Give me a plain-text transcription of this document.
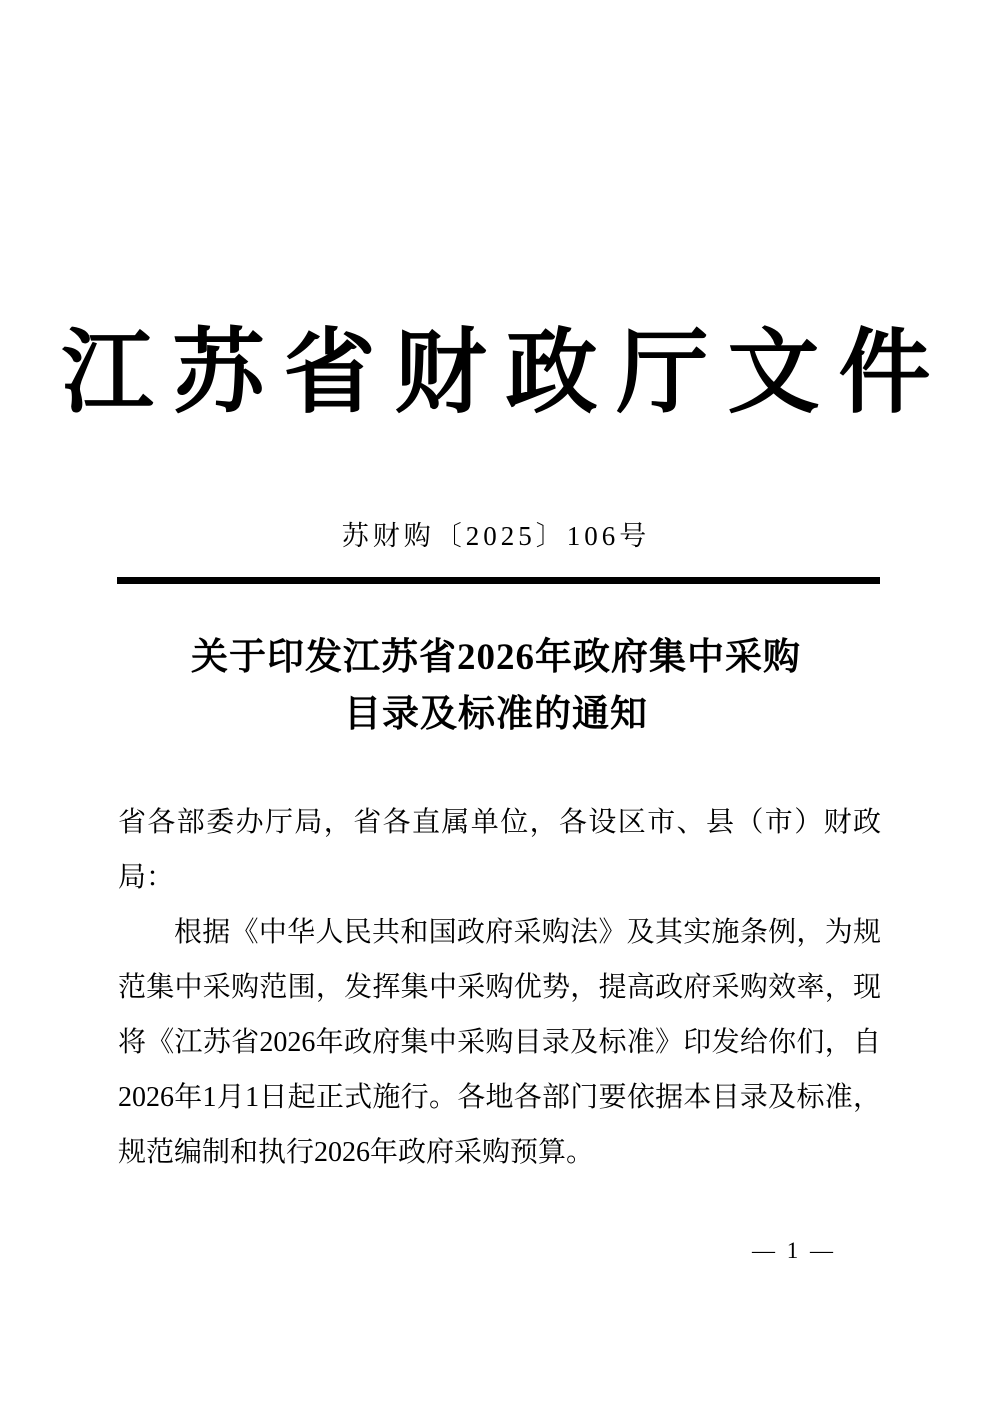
江苏省财政厅文件
苏财购〔2025〕106号
关于印发江苏省2026年政府集中采购
目录及标准的通知

省各部委办厅局，省各直属单位，各设区市、县（市）财政局：

根据《中华人民共和国政府采购法》及其实施条例，为规范集中采购范围，发挥集中采购优势，提高政府采购效率，现将《江苏省2026年政府集中采购目录及标准》印发给你们，自2026年1月1日起正式施行。各地各部门要依据本目录及标准，规范编制和执行2026年政府采购预算。

— 1 —
